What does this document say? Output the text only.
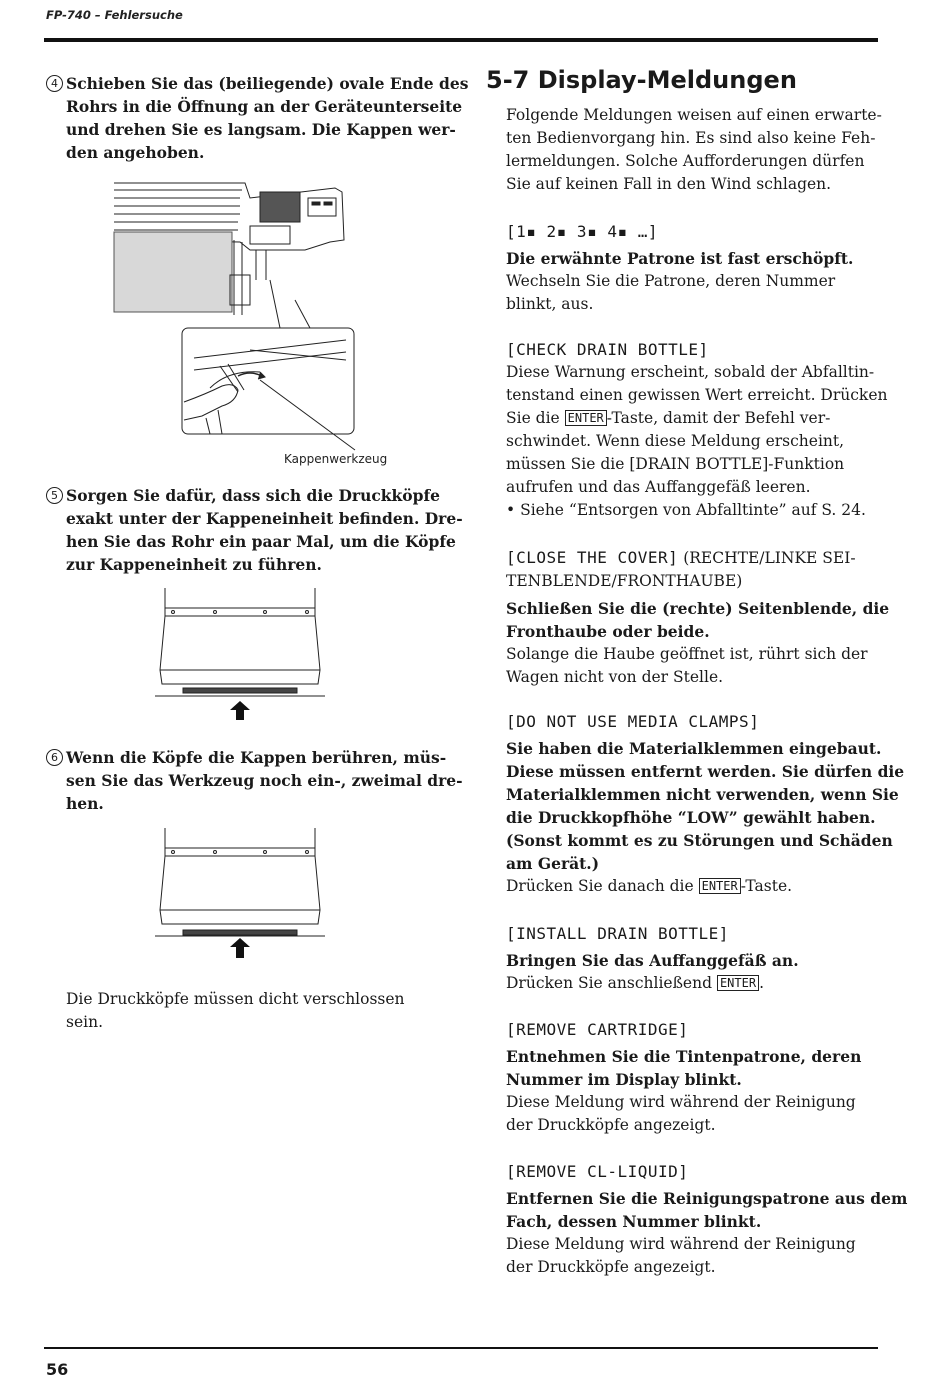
FP-740 – Fehlersuche
4 Schieben Sie das (beiliegende) ovale Ende des
Rohrs in die Öffnung an der Geräteunterseite
und drehen Sie es langsam. Die Kappen wer-
den angehoben.
Kappenwerkzeug
5 Sorgen Sie dafür, dass sich die Druckköpfe
exakt unter der Kappeneinheit befinden. Dre-
hen Sie das Rohr ein paar Mal, um die Köpfe
zur Kappeneinheit zu führen.
6 Wenn die Köpfe die Kappen berühren, müs-
sen Sie das Werkzeug noch ein-, zweimal dre-
hen.
Die Druckköpfe müssen dicht verschlossen
sein.
5-7 Display-Meldungen
Folgende Meldungen weisen auf einen erwarte-
ten Bedienvorgang hin. Es sind also keine Feh-
lermeldungen. Solche Aufforderungen dürfen
Sie auf keinen Fall in den Wind schlagen.
[1▪ 2▪ 3▪ 4▪ …]
Die erwähnte Patrone ist fast erschöpft.
Wechseln Sie die Patrone, deren Nummer
blinkt, aus.
[CHECK DRAIN BOTTLE]
Diese Warnung erscheint, sobald der Abfalltin-
tenstand einen gewissen Wert erreicht. Drücken
Sie die ENTER -Taste, damit der Befehl ver-
schwindet. Wenn diese Meldung erscheint,
müssen Sie die [DRAIN BOTTLE]-Funktion
aufrufen und das Auffanggefäß leeren.
• Siehe “Entsorgen von Abfalltinte” auf S. 24.
[CLOSE THE COVER] (RECHTE/LINKE SEI-
TENBLENDE/FRONTHAUBE)
Schließen Sie die (rechte) Seitenblende, die
Fronthaube oder beide.
Solange die Haube geöffnet ist, rührt sich der
Wagen nicht von der Stelle.
[DO NOT USE MEDIA CLAMPS]
Sie haben die Materialklemmen eingebaut.
Diese müssen entfernt werden. Sie dürfen die
Materialklemmen nicht verwenden, wenn Sie
die Druckkopfhöhe “LOW” gewählt haben.
(Sonst kommt es zu Störungen und Schäden
am Gerät.)
Drücken Sie danach die ENTER -Taste.
[INSTALL DRAIN BOTTLE]
Bringen Sie das Auffanggefäß an.
Drücken Sie anschließend ENTER .
[REMOVE CARTRIDGE]
Entnehmen Sie die Tintenpatrone, deren
Nummer im Display blinkt.
Diese Meldung wird während der Reinigung
der Druckköpfe angezeigt.
[REMOVE CL-LIQUID]
Entfernen Sie die Reinigungspatrone aus dem
Fach, dessen Nummer blinkt.
Diese Meldung wird während der Reinigung
der Druckköpfe angezeigt.
56
